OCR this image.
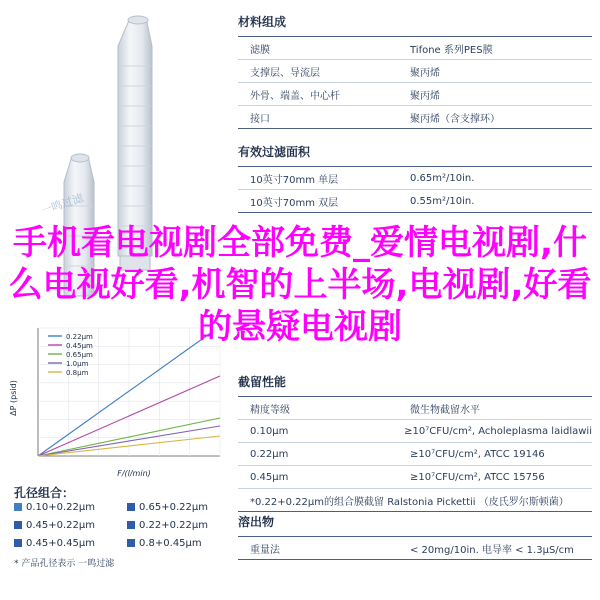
一鸣过滤
ΔP (psid)
F/(l/min)
0.22µm
0.45µm
0.65µm
1.0µm
0.8µm
孔径组合：
0.10+0.22µm	0.65+0.22µm
0.45+0.22µm	0.22+0.22µm
0.45+0.45µm	0.8+0.45µm
* 产品孔径表示 一鸣过滤
材料组成
滤膜	Tifone 系列PES膜
支撑层、导流层	聚丙烯
外骨、端盖、中心杆	聚丙烯
接口	聚丙烯（含支撑环）
有效过滤面积
10英寸70mm 单层	0.65m²/10in.
10英寸70mm 双层	0.55m²/10in.
截留性能
精度等级	微生物截留水平
0.10µm	≥10⁷CFU/cm², Acholeplasma laidlawii
0.22µm	≥10⁷CFU/cm², ATCC 19146
0.45µm	≥10⁷CFU/cm², ATCC 15756
*0.22+0.22µm的组合膜截留 Ralstonia Pickettii （皮氏罗尔斯顿菌）
溶出物
重量法	< 20mg/10in. 电导率 < 1.3µS/cm
手机看电视剧全部免费_爱情电视剧,什么电视好看,机智的上半场,电视剧,好看的悬疑电视剧
